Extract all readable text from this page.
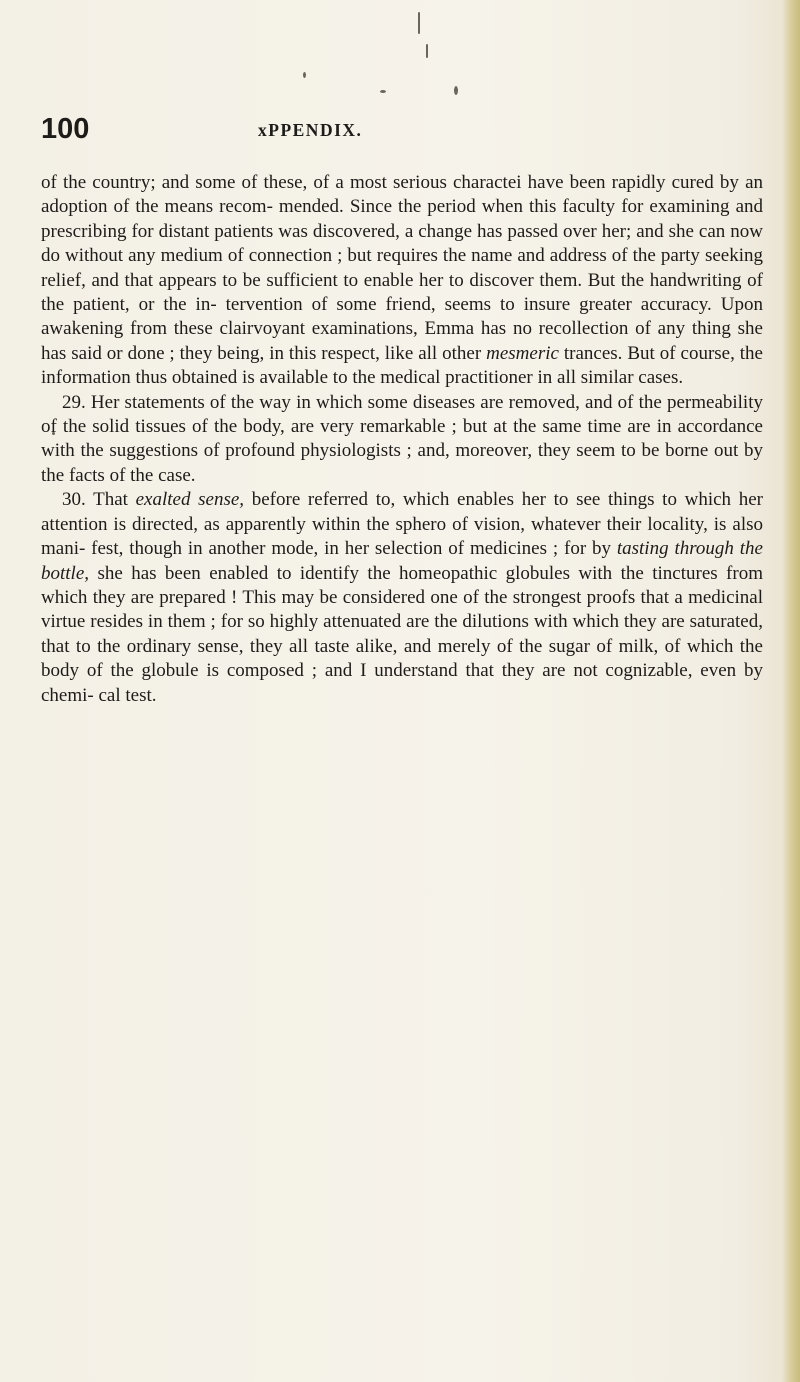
100	хPPENDIX.

of the country; and some of these, of a most serious charactei have been rapidly cured by an adoption of the means recom- mended. Since the period when this faculty for examining and prescribing for distant patients was discovered, a change has passed over her; and she can now do without any medium of connection ; but requires the name and address of the party seeking relief, and that appears to be sufficient to enable her to discover them. But the handwriting of the patient, or the in- tervention of some friend, seems to insure greater accuracy. Upon awakening from these clairvoyant examinations, Emma has no recollection of any thing she has said or done ; they being, in this respect, like all other mesmeric trances. But of course, the information thus obtained is available to the medical practitioner in all similar cases.

29. Her statements of the way in which some diseases are removed, and of the permeability of the solid tissues of the body, are very remarkable ; but at the same time are in accordance with the suggestions of profound physiologists ; and, moreover, they seem to be borne out by the facts of the case.

30. That exalted sense, before referred to, which enables her to see things to which her attention is directed, as apparently within the sphero of vision, whatever their locality, is also mani- fest, though in another mode, in her selection of medicines ; for by tasting through the bottle, she has been enabled to identify the homeopathic globules with the tinctures from which they are prepared ! This may be considered one of the strongest proofs that a medicinal virtue resides in them ; for so highly attenuated are the dilutions with which they are saturated, that to the ordinary sense, they all taste alike, and merely of the sugar of milk, of which the body of the globule is composed ; and I understand that they are not cognizable, even by chemi- cal test.
